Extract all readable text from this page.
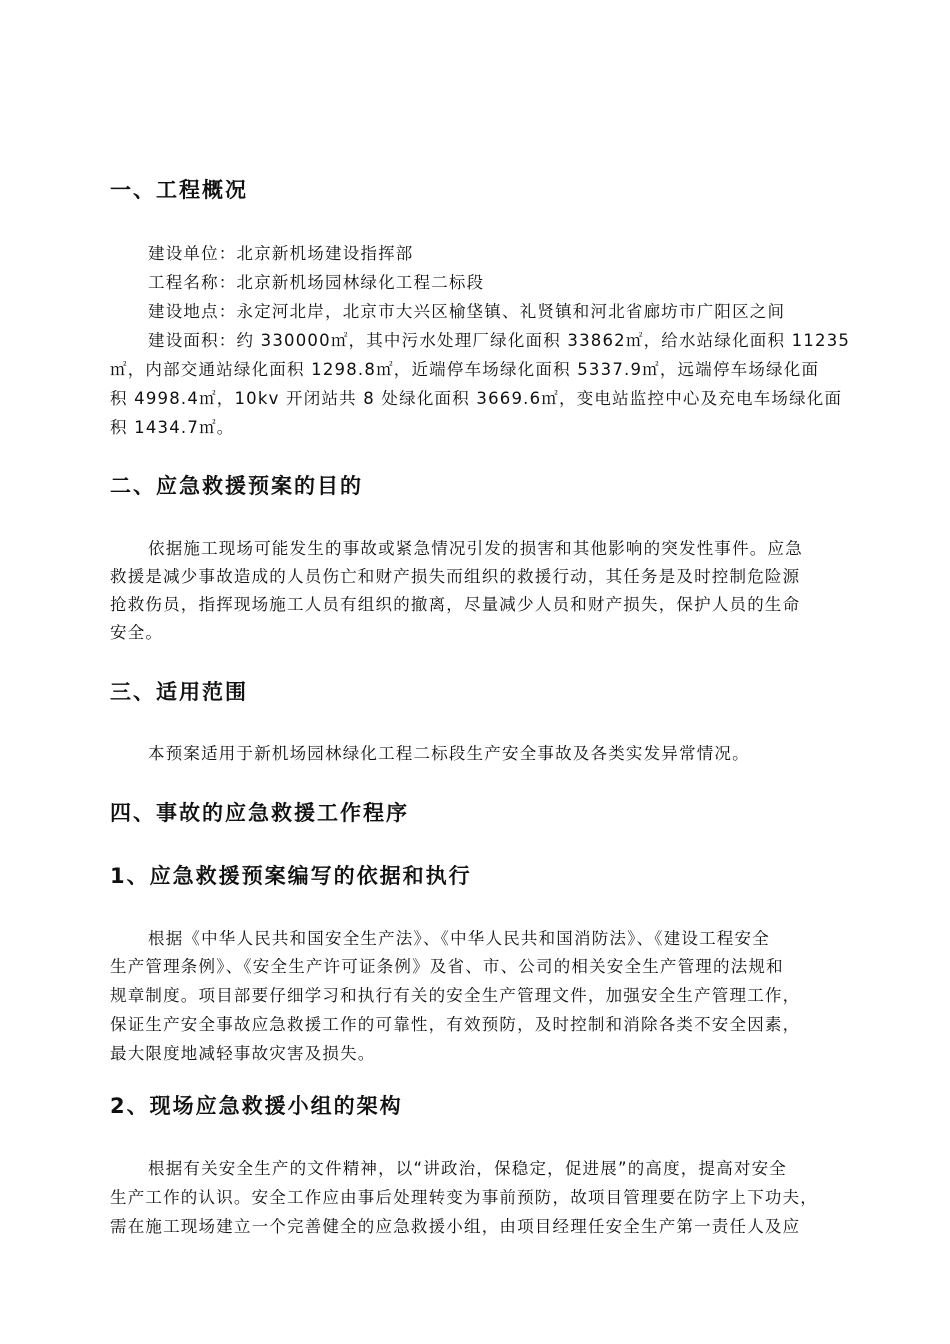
一、工程概况

建设单位：北京新机场建设指挥部

工程名称：北京新机场园林绿化工程二标段

建设地点：永定河北岸，北京市大兴区榆垡镇、礼贤镇和河北省廊坊市广阳区之间

建设面积：约 330000㎡，其中污水处理厂绿化面积 33862㎡，给水站绿化面积 11235

㎡，内部交通站绿化面积 1298.8㎡，近端停车场绿化面积 5337.9㎡，远端停车场绿化面

积 4998.4㎡，10kv 开闭站共 8 处绿化面积 3669.6㎡，变电站监控中心及充电车场绿化面

积 1434.7㎡。

二、应急救援预案的目的

依据施工现场可能发生的事故或紧急情况引发的损害和其他影响的突发性事件。应急

救援是减少事故造成的人员伤亡和财产损失而组织的救援行动，其任务是及时控制危险源

抢救伤员，指挥现场施工人员有组织的撤离，尽量减少人员和财产损失，保护人员的生命

安全。

三、适用范围

本预案适用于新机场园林绿化工程二标段生产安全事故及各类实发异常情况。

四、事故的应急救援工作程序
1、应急救援预案编写的依据和执行

根据《中华人民共和国安全生产法》、《中华人民共和国消防法》、《建设工程安全

生产管理条例》、《安全生产许可证条例》及省、市、公司的相关安全生产管理的法规和

规章制度。项目部要仔细学习和执行有关的安全生产管理文件，加强安全生产管理工作，

保证生产安全事故应急救援工作的可靠性，有效预防，及时控制和消除各类不安全因素，

最大限度地减轻事故灾害及损失。

2、现场应急救援小组的架构

根据有关安全生产的文件精神，以“讲政治，保稳定，促进展”的高度，提高对安全

生产工作的认识。安全工作应由事后处理转变为事前预防，故项目管理要在防字上下功夫，

需在施工现场建立一个完善健全的应急救援小组，由项目经理任安全生产第一责任人及应
